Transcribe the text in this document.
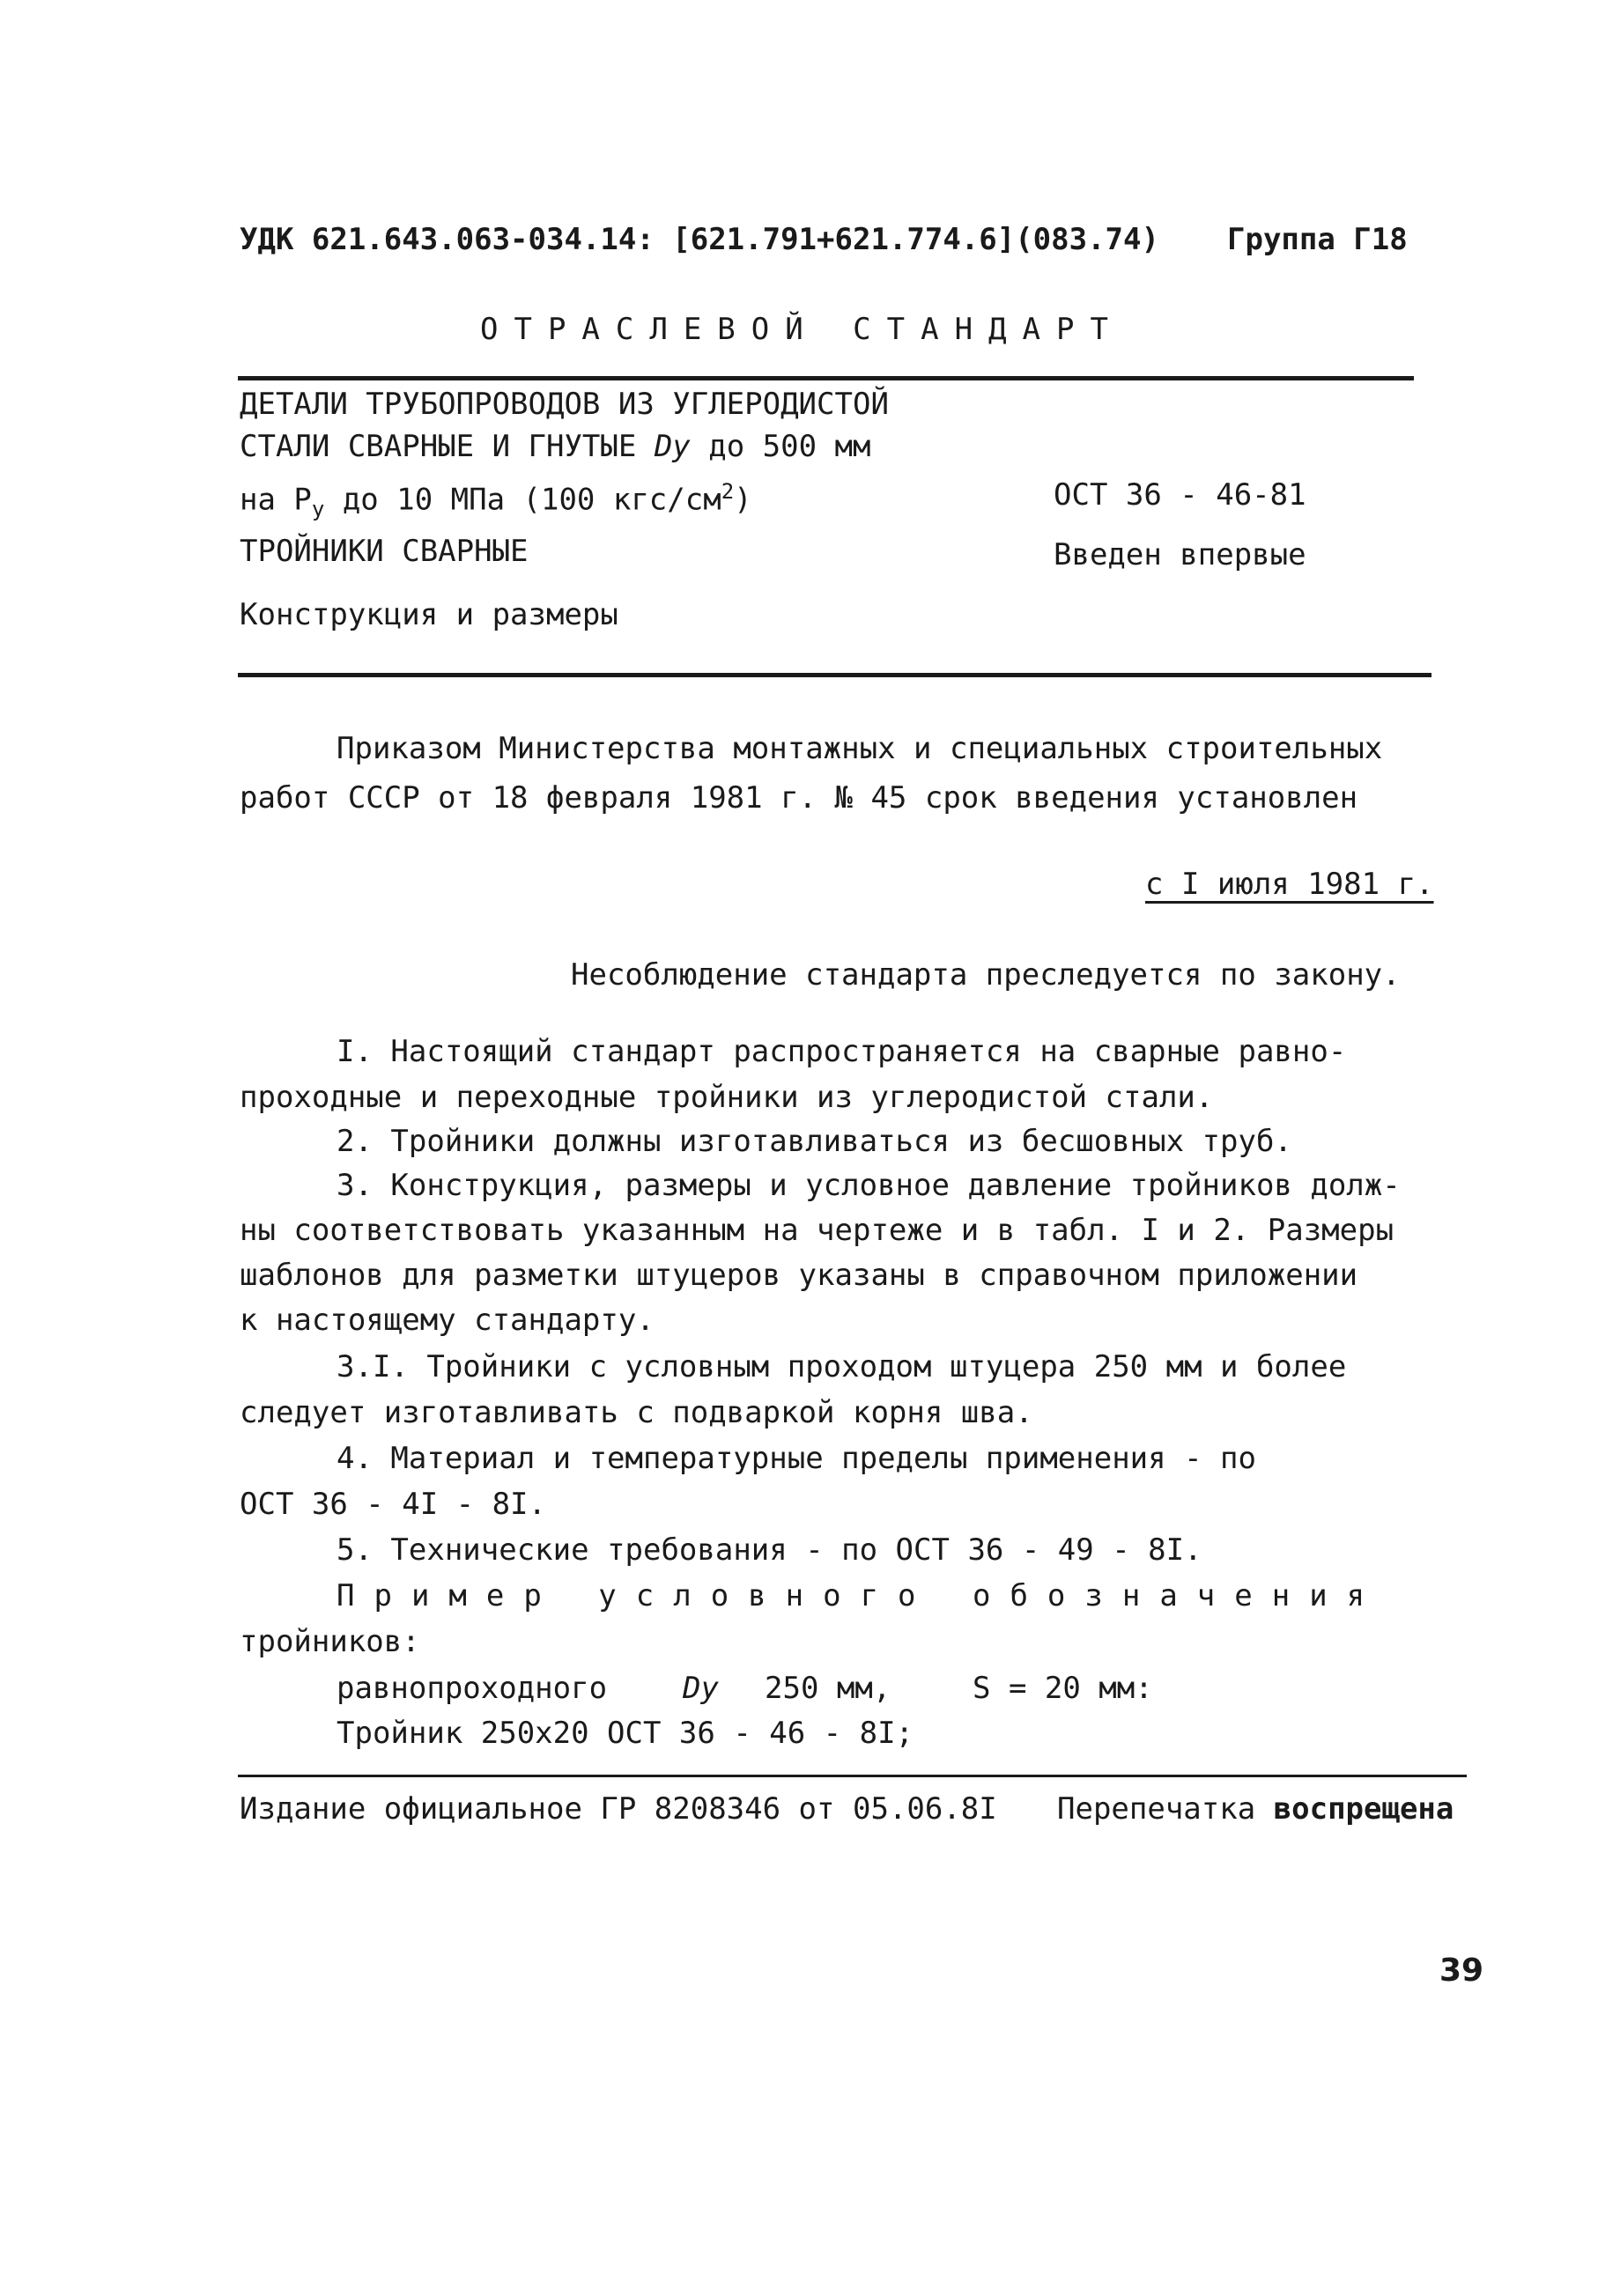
УДК 621.643.063-034.14: [621.791+621.774.6](083.74) Группа Г18
ОТРАСЛЕВОЙ СТАНДАРТ
ДЕТАЛИ ТРУБОПРОВОДОВ ИЗ УГЛЕРОДИСТОЙ
СТАЛИ СВАРНЫЕ И ГНУТЫЕ Dу до 500 мм
на $Р_у$ до 10 МПа (100 кгс/$см^2$)
ТРОЙНИКИ СВАРНЫЕ
Конструкция и размеры
ОСТ 36 - 46-81
Введен впервые
Приказом Министерства монтажных и специальных строительных
работ СССР от 18 февраля 1981 г. № 45 срок введения установлен
с I июля 1981 г.
Несоблюдение стандарта преследуется по закону.
I. Настоящий стандарт распространяется на сварные равно-
проходные и переходные тройники из углеродистой стали.
2. Тройники должны изготавливаться из бесшовных труб.
3. Конструкция, размеры и условное давление тройников долж-
ны соответствовать указанным на чертеже и в табл. I и 2. Размеры
шаблонов для разметки штуцеров указаны в справочном приложении
к настоящему стандарту.
3.I. Тройники с условным проходом штуцера 250 мм и более
следует изготавливать с подваркой корня шва.
4. Материал и температурные пределы применения - по
ОСТ 36 - 4I - 8I.
5. Технические требования - по ОСТ 36 - 49 - 8I.
Пример условного обозначения
тройников:
равнопроходного	Dу 250 мм,	S = 20 мм:
Тройник 250х20 ОСТ 36 - 46 - 8I;
Издание официальное ГР 8208346 от 05.06.8I Перепечатка воспрещена
39
